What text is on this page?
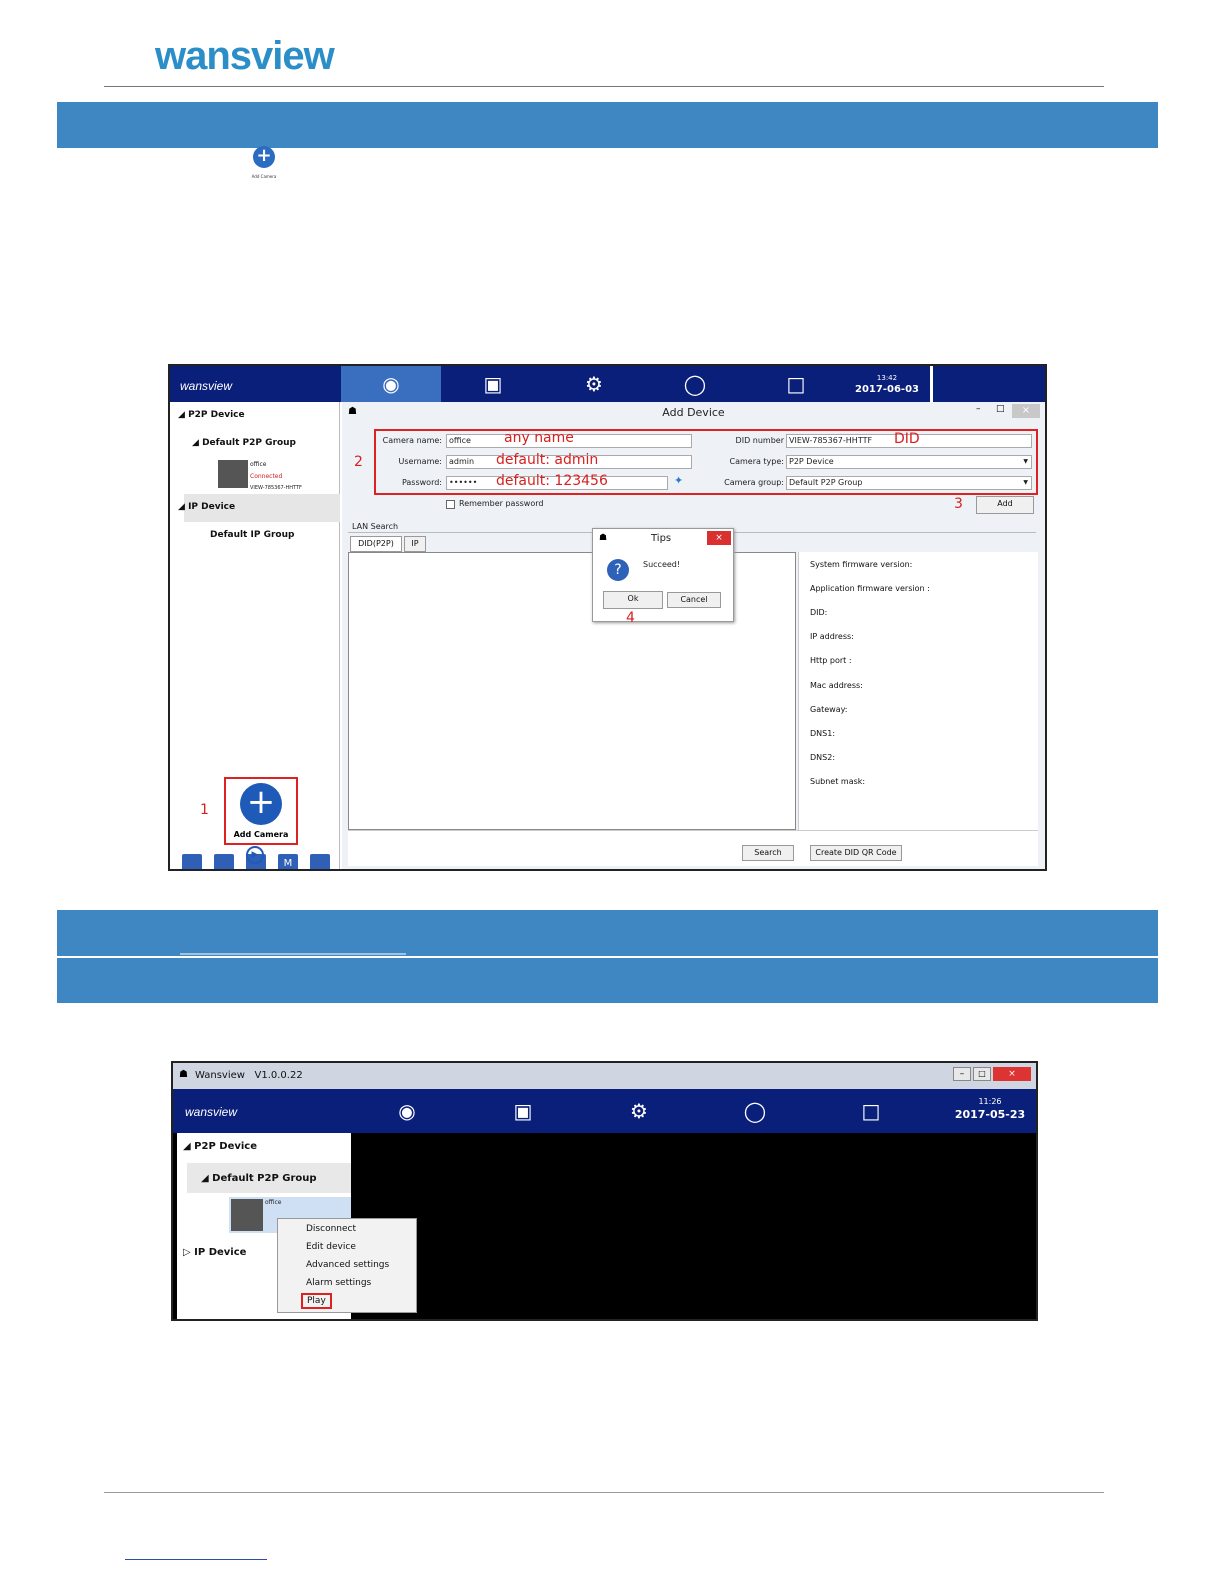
wansview
+
Add Camera
wansview	◉	▣	⚙	◯	□	13:42
2017-06-03
◢ P2P Device
◢ Default P2P Group
office
Connected
VIEW-785367-HHTTF
◢ IP Device
Default IP Group
1 +
Add Camera
M
▶
☗	Add Device	– □	×
2
Camera name: office	any name
Username: admin	default: admin
Password: ••••••	default: 123456	✦
DID number VIEW-785367-HHTTF	DID
Camera type: P2P Device	▼
Camera group: Default P2P Group	▼
Remember password	3	Add
LAN Search
DID(P2P)	IP
System firmware version:
Application firmware version :
DID:
IP address:
Http port :
Mac address:
Gateway:
DNS1:
DNS2:
Subnet mask:
Search	Create DID QR Code
☗	Tips	×
?	Succeed!
Ok	Cancel
4
☗ Wansview V1.0.0.22	–	□	×
wansview	◉	▣	⚙	◯	□	11:26
2017-05-23
◢ P2P Device
◢ Default P2P Group
office
▷ IP Device
Disconnect
Edit device
Advanced settings
Alarm settings
Play
